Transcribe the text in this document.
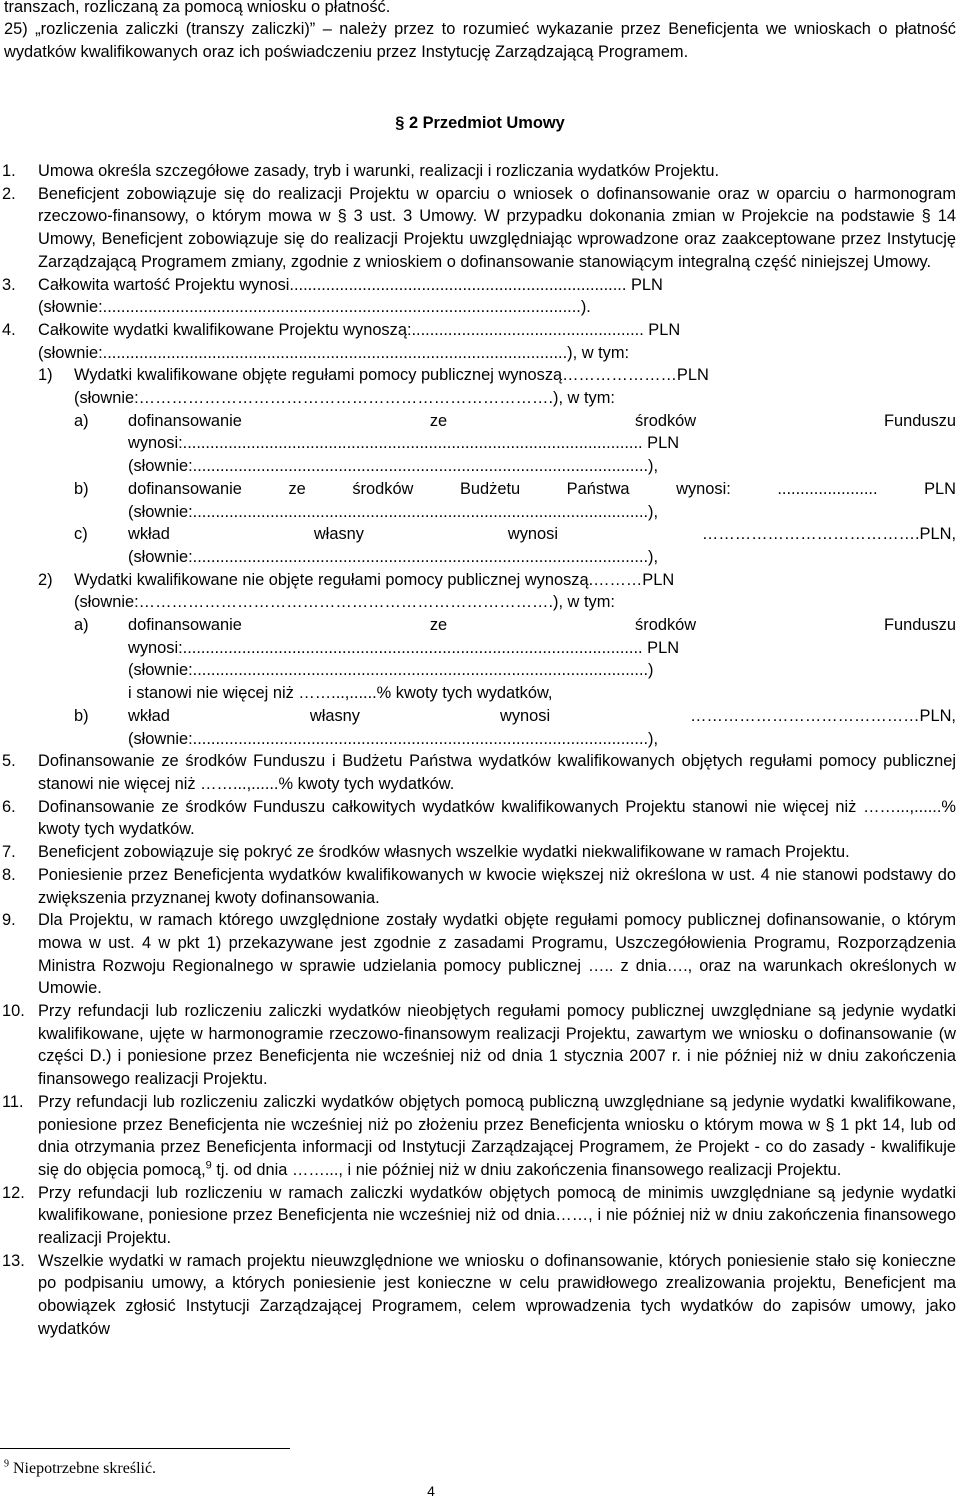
transzach, rozliczaną za pomocą wniosku o płatność.
25) „rozliczenia zaliczki (transzy zaliczki)” – należy przez to rozumieć wykazanie przez Beneficjenta we wnioskach o płatność wydatków kwalifikowanych oraz ich poświadczeniu przez Instytucję Zarządzającą Programem.
§ 2 Przedmiot Umowy
1. Umowa określa szczegółowe zasady, tryb i warunki, realizacji i rozliczania wydatków Projektu.
2. Beneficjent zobowiązuje się do realizacji Projektu w oparciu o wniosek o dofinansowanie oraz w oparciu o harmonogram rzeczowo-finansowy, o którym mowa w § 3 ust. 3 Umowy. W przypadku dokonania zmian w Projekcie na podstawie § 14 Umowy, Beneficjent zobowiązuje się do realizacji Projektu uwzględniając wprowadzone oraz zaakceptowane przez Instytucję Zarządzającą Programem zmiany, zgodnie z wnioskiem o dofinansowanie stanowiącym integralną część niniejszej Umowy.
3. Całkowita wartość Projektu wynosi.......................................................................... PLN
(słownie:.........................................................................................................).
4. Całkowite wydatki kwalifikowane Projektu wynoszą:................................................... PLN
(słownie:......................................................................................................), w tym:
1) Wydatki kwalifikowane objęte regułami pomocy publicznej wynoszą…………………PLN
(słownie:………………………………………………………………….), w tym:
a) dofinansowanie ze środków Funduszu
wynosi:..................................................................................................... PLN
(słownie:....................................................................................................),
b) dofinansowanie ze środków Budżetu Państwa wynosi: ...................... PLN
(słownie:....................................................................................................),
c) wkład własny wynosi ………………………………….PLN,
(słownie:....................................................................................................),
2) Wydatki kwalifikowane nie objęte regułami pomocy publicznej wynoszą.………PLN
(słownie:………………………………………………………………….), w tym:
a) dofinansowanie ze środków Funduszu
wynosi:..................................................................................................... PLN
(słownie:....................................................................................................)
i stanowi nie więcej niż ……...,......% kwoty tych wydatków,
b) wkład własny wynosi ……………………………………PLN,
(słownie:....................................................................................................),
5. Dofinansowanie ze środków Funduszu i Budżetu Państwa wydatków kwalifikowanych objętych regułami pomocy publicznej stanowi nie więcej niż ……...,......% kwoty tych wydatków.
6. Dofinansowanie ze środków Funduszu całkowitych wydatków kwalifikowanych Projektu stanowi nie więcej niż ……...,......% kwoty tych wydatków.
7. Beneficjent zobowiązuje się pokryć ze środków własnych wszelkie wydatki niekwalifikowane w ramach Projektu.
8. Poniesienie przez Beneficjenta wydatków kwalifikowanych w kwocie większej niż określona w ust. 4 nie stanowi podstawy do zwiększenia przyznanej kwoty dofinansowania.
9. Dla Projektu, w ramach którego uwzględnione zostały wydatki objęte regułami pomocy publicznej dofinansowanie, o którym mowa w ust. 4 w pkt 1) przekazywane jest zgodnie z zasadami Programu, Uszczegółowienia Programu, Rozporządzenia Ministra Rozwoju Regionalnego w sprawie udzielania pomocy publicznej ….. z dnia…., oraz na warunkach określonych w Umowie.
10. Przy refundacji lub rozliczeniu zaliczki wydatków nieobjętych regułami pomocy publicznej uwzględniane są jedynie wydatki kwalifikowane, ujęte w harmonogramie rzeczowo-finansowym realizacji Projektu, zawartym we wniosku o dofinansowanie (w części D.) i poniesione przez Beneficjenta nie wcześniej niż od dnia 1 stycznia 2007 r. i nie później niż w dniu zakończenia finansowego realizacji Projektu.
11. Przy refundacji lub rozliczeniu zaliczki wydatków objętych pomocą publiczną uwzględniane są jedynie wydatki kwalifikowane, poniesione przez Beneficjenta nie wcześniej niż po złożeniu przez Beneficjenta wniosku o którym mowa w § 1 pkt 14, lub od dnia otrzymania przez Beneficjenta informacji od Instytucji Zarządzającej Programem, że Projekt - co do zasady - kwalifikuje się do objęcia pomocą,$^9$ tj. od dnia ……..., i nie później niż w dniu zakończenia finansowego realizacji Projektu.
12. Przy refundacji lub rozliczeniu w ramach zaliczki wydatków objętych pomocą de minimis uwzględniane są jedynie wydatki kwalifikowane, poniesione przez Beneficjenta nie wcześniej niż od dnia……, i nie później niż w dniu zakończenia finansowego realizacji Projektu.
13. Wszelkie wydatki w ramach projektu nieuwzględnione we wniosku o dofinansowanie, których poniesienie stało się konieczne po podpisaniu umowy, a których poniesienie jest konieczne w celu prawidłowego zrealizowania projektu, Beneficjent ma obowiązek zgłosić Instytucji Zarządzającej Programem, celem wprowadzenia tych wydatków do zapisów umowy, jako wydatków
$^9$ Niepotrzebne skreślić.
4
